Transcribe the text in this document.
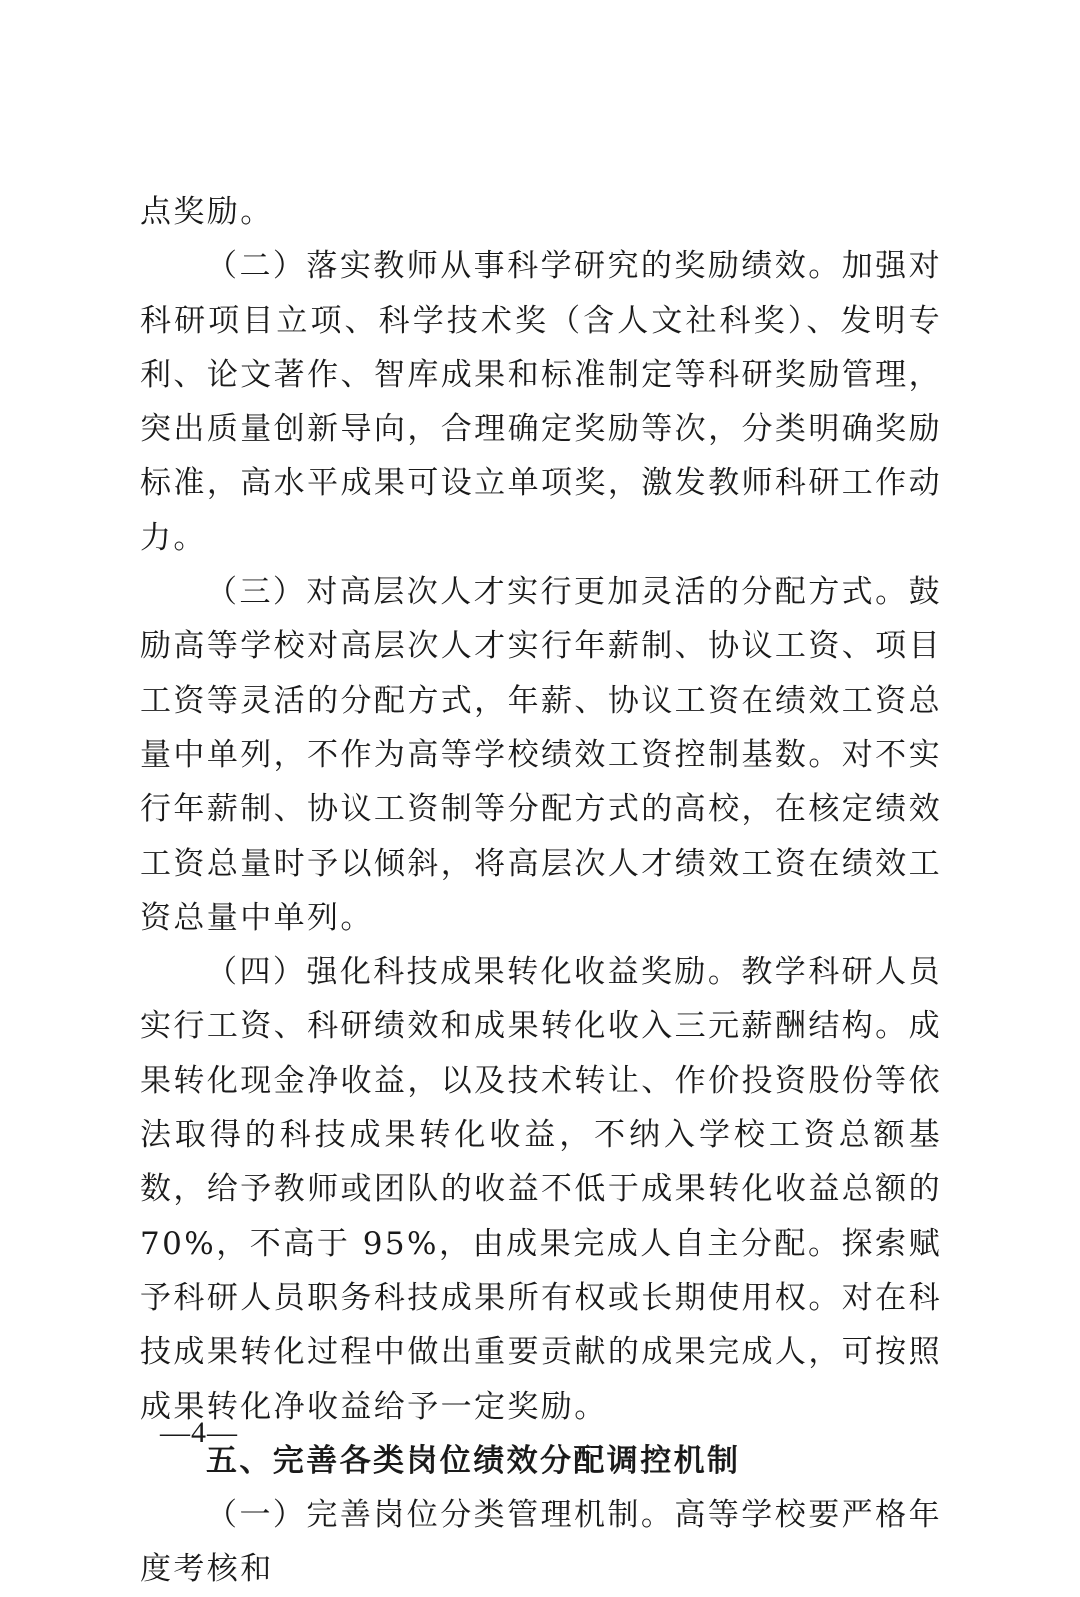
点奖励。

（二）落实教师从事科学研究的奖励绩效。加强对科研项目立项、科学技术奖（含人文社科奖）、发明专利、论文著作、智库成果和标准制定等科研奖励管理，突出质量创新导向，合理确定奖励等次，分类明确奖励标准，高水平成果可设立单项奖，激发教师科研工作动力。

（三）对高层次人才实行更加灵活的分配方式。鼓励高等学校对高层次人才实行年薪制、协议工资、项目工资等灵活的分配方式，年薪、协议工资在绩效工资总量中单列，不作为高等学校绩效工资控制基数。对不实行年薪制、协议工资制等分配方式的高校，在核定绩效工资总量时予以倾斜，将高层次人才绩效工资在绩效工资总量中单列。

（四）强化科技成果转化收益奖励。教学科研人员实行工资、科研绩效和成果转化收入三元薪酬结构。成果转化现金净收益，以及技术转让、作价投资股份等依法取得的科技成果转化收益，不纳入学校工资总额基数，给予教师或团队的收益不低于成果转化收益总额的 70%，不高于 95%，由成果完成人自主分配。探索赋予科研人员职务科技成果所有权或长期使用权。对在科技成果转化过程中做出重要贡献的成果完成人，可按照成果转化净收益给予一定奖励。

五、完善各类岗位绩效分配调控机制

（一）完善岗位分类管理机制。高等学校要严格年度考核和

—4—
